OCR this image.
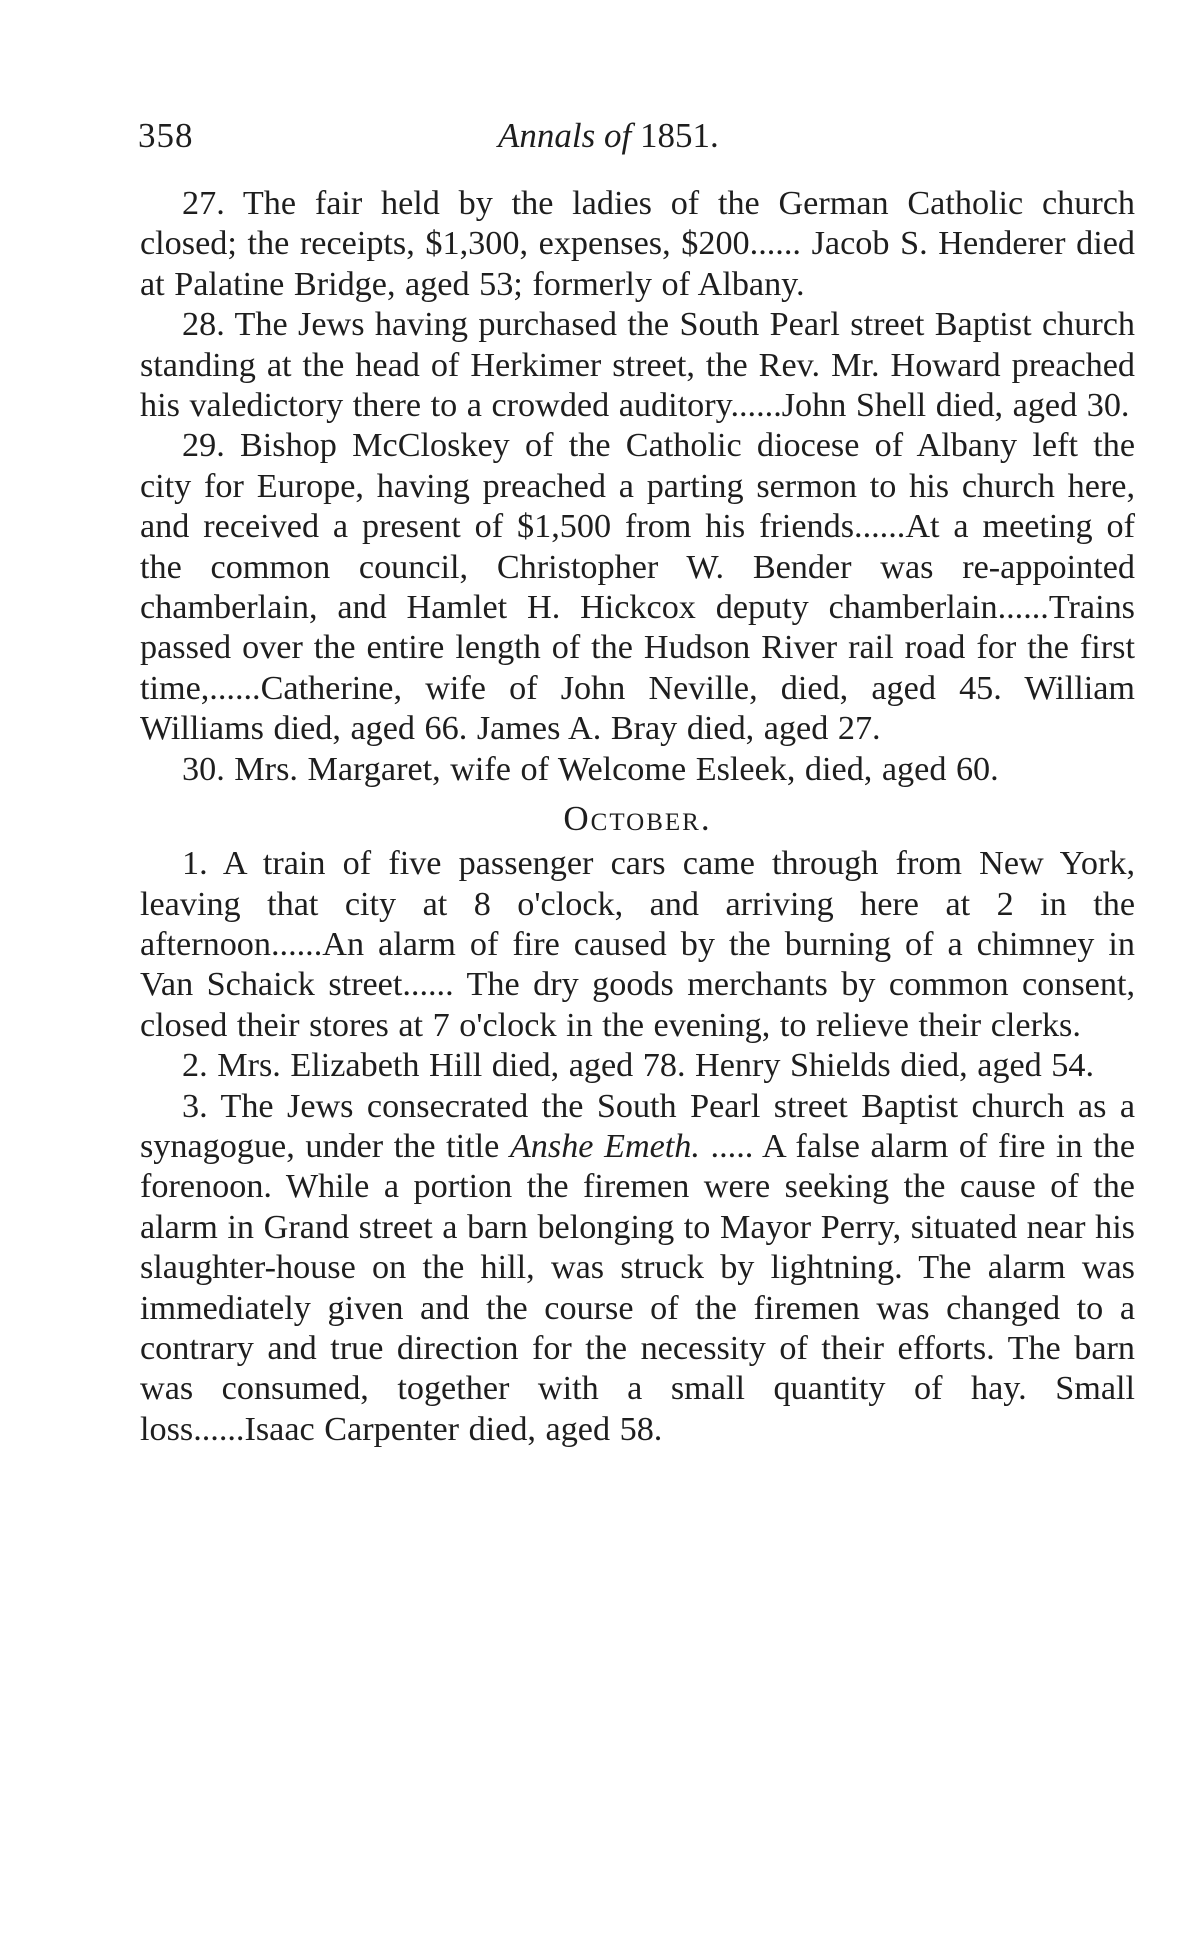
358	Annals of 1851.

27. The fair held by the ladies of the German Catholic church closed; the receipts, $1,300, expenses, $200...... Jacob S. Henderer died at Palatine Bridge, aged 53; formerly of Albany.

28. The Jews having purchased the South Pearl street Baptist church standing at the head of Herkimer street, the Rev. Mr. Howard preached his valedictory there to a crowded auditory......John Shell died, aged 30.

29. Bishop McCloskey of the Catholic diocese of Albany left the city for Europe, having preached a parting sermon to his church here, and received a present of $1,500 from his friends......At a meeting of the common council, Christopher W. Bender was re-appointed chamberlain, and Hamlet H. Hickcox deputy chamberlain......Trains passed over the entire length of the Hudson River rail road for the first time,......Catherine, wife of John Neville, died, aged 45. William Williams died, aged 66. James A. Bray died, aged 27.

30. Mrs. Margaret, wife of Welcome Esleek, died, aged 60.

October.

1. A train of five passenger cars came through from New York, leaving that city at 8 o'clock, and arriving here at 2 in the afternoon......An alarm of fire caused by the burning of a chimney in Van Schaick street...... The dry goods merchants by common consent, closed their stores at 7 o'clock in the evening, to relieve their clerks.

2. Mrs. Elizabeth Hill died, aged 78. Henry Shields died, aged 54.

3. The Jews consecrated the South Pearl street Baptist church as a synagogue, under the title Anshe Emeth. ..... A false alarm of fire in the forenoon. While a portion the firemen were seeking the cause of the alarm in Grand street a barn belonging to Mayor Perry, situated near his slaughter-house on the hill, was struck by lightning. The alarm was immediately given and the course of the firemen was changed to a contrary and true direction for the necessity of their efforts. The barn was consumed, together with a small quantity of hay. Small loss......Isaac Carpenter died, aged 58.
